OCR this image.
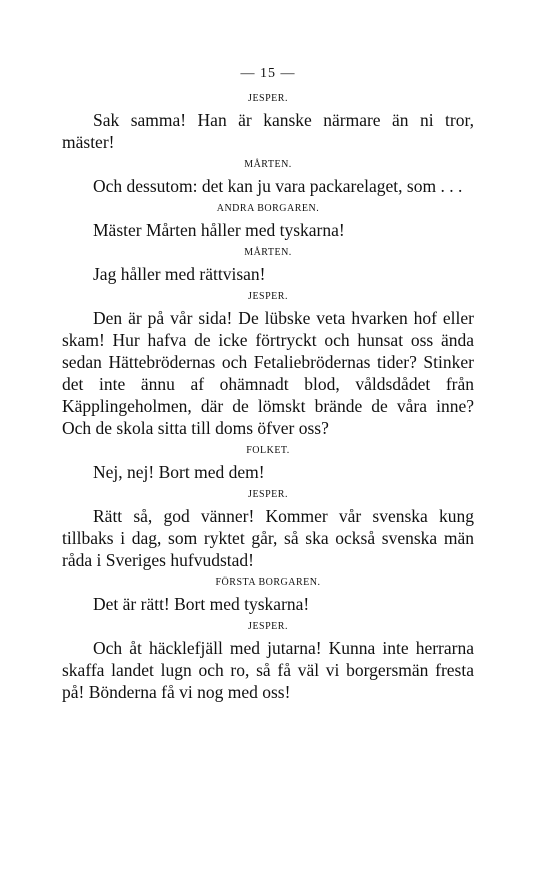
— 15 —
JESPER.

Sak samma! Han är kanske närmare än ni tror, mäster!

MÅRTEN.

Och dessutom: det kan ju vara packarelaget, som . . .

ANDRA BORGAREN.

Mäster Mårten håller med tyskarna!

MÅRTEN.

Jag håller med rättvisan!

JESPER.

Den är på vår sida! De lübske veta hvarken hof eller skam! Hur hafva de icke förtryckt och hunsat oss ända sedan Hättebrödernas och Fetaliebrödernas tider? Stinker det inte ännu af ohämnadt blod, våldsdådet från Käpplingeholmen, där de lömskt brände de våra inne? Och de skola sitta till doms öfver oss?

FOLKET.

Nej, nej! Bort med dem!

JESPER.

Rätt så, god vänner! Kommer vår svenska kung tillbaks i dag, som ryktet går, så ska också svenska män råda i Sveriges hufvudstad!

FÖRSTA BORGAREN.

Det är rätt! Bort med tyskarna!

JESPER.

Och åt häcklefjäll med jutarna! Kunna inte herrarna skaffa landet lugn och ro, så få väl vi borgersmän fresta på! Bönderna få vi nog med oss!
